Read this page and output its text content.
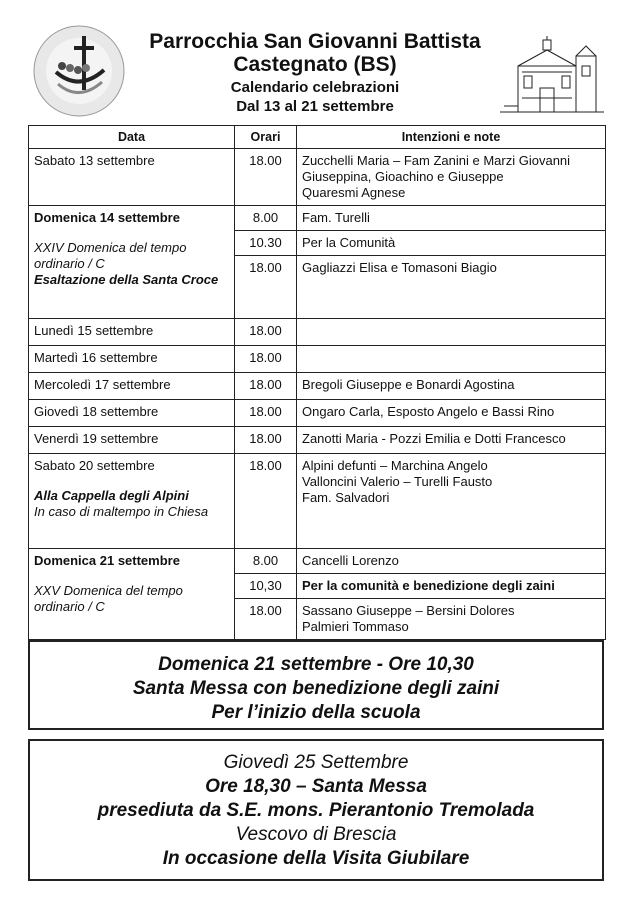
Parrocchia San Giovanni Battista
Castegnato (BS)
Calendario celebrazioni
Dal 13 al 21 settembre
Data	Orari	Intenzioni e note
Sabato 13 settembre	18.00	Zucchelli Maria – Fam Zanini e Marzi Giovanni
Giuseppina, Gioachino e Giuseppe
Quaresmi Agnese

Domenica 14 settembre
XXIV Domenica del tempo ordinario / C
Esaltazione della Santa Croce	8.00	Fam. Turelli
	10.30	Per la Comunità
	18.00	Gagliazzi Elisa e Tomasoni Biagio
Lunedì 15 settembre	18.00	
Martedì 16 settembre	18.00	
Mercoledì 17 settembre	18.00	Bregoli Giuseppe e Bonardi Agostina
Giovedì 18 settembre	18.00	Ongaro Carla, Esposto Angelo e Bassi Rino
Venerdì 19 settembre	18.00	Zanotti Maria - Pozzi Emilia e Dotti Francesco

Sabato 20 settembre
Alla Cappella degli Alpini
In caso di maltempo in Chiesa	18.00	Alpini defunti – Marchina Angelo
Valloncini Valerio – Turelli Fausto
Fam. Salvadori

Domenica 21 settembre
XXV Domenica del tempo ordinario / C	8.00	Cancelli Lorenzo
	10,30	Per la comunità e benedizione degli zaini
	18.00	Sassano Giuseppe – Bersini Dolores
Palmieri Tommaso
Domenica 21 settembre - Ore 10,30
Santa Messa con benedizione degli zaini
Per l’inizio della scuola
Giovedì 25 Settembre
Ore 18,30 – Santa Messa
presediuta da S.E. mons. Pierantonio Tremolada
Vescovo di Brescia
In occasione della Visita Giubilare
